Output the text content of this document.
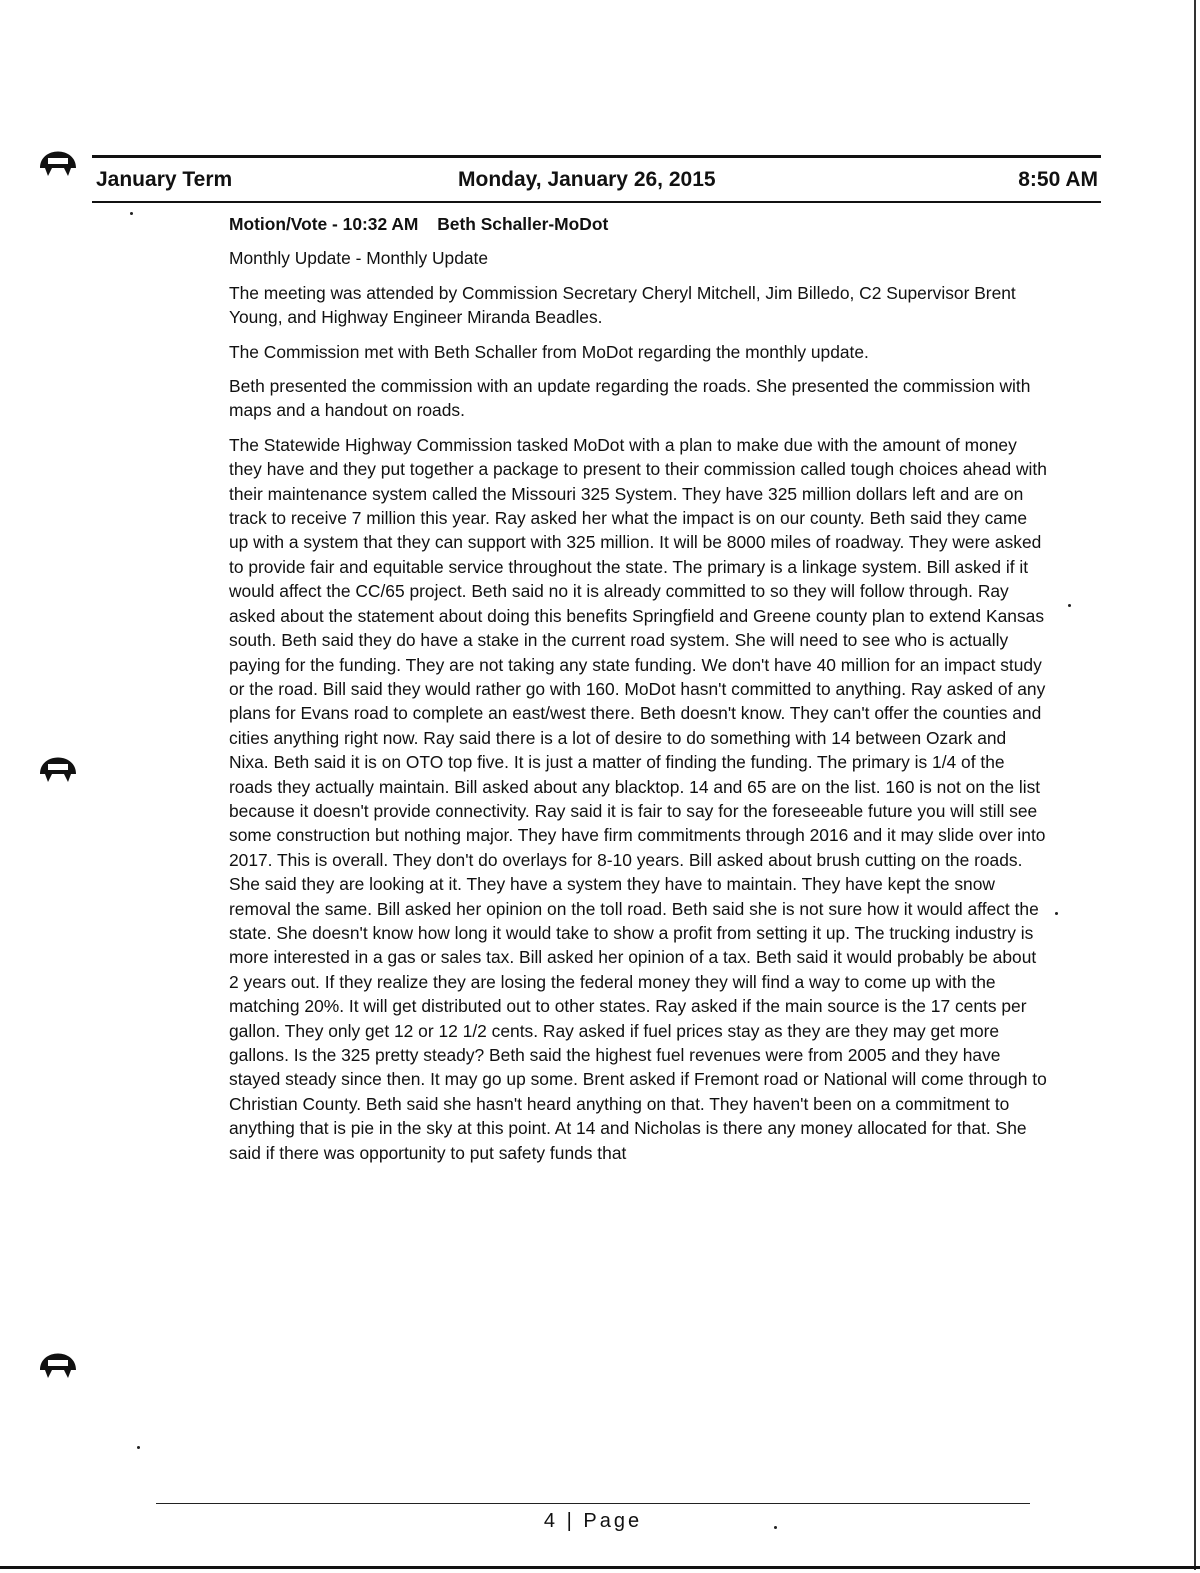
January Term	Monday, January 26, 2015	8:50 AM

Motion/Vote - 10:32 AM Beth Schaller-MoDot

Monthly Update - Monthly Update

The meeting was attended by Commission Secretary Cheryl Mitchell, Jim Billedo, C2 Supervisor Brent Young, and Highway Engineer Miranda Beadles.

The Commission met with Beth Schaller from MoDot regarding the monthly update.

Beth presented the commission with an update regarding the roads. She presented the commission with maps and a handout on roads.

The Statewide Highway Commission tasked MoDot with a plan to make due with the amount of money they have and they put together a package to present to their commission called tough choices ahead with their maintenance system called the Missouri 325 System. They have 325 million dollars left and are on track to receive 7 million this year. Ray asked her what the impact is on our county. Beth said they came up with a system that they can support with 325 million. It will be 8000 miles of roadway. They were asked to provide fair and equitable service throughout the state. The primary is a linkage system. Bill asked if it would affect the CC/65 project. Beth said no it is already committed to so they will follow through. Ray asked about the statement about doing this benefits Springfield and Greene county plan to extend Kansas south. Beth said they do have a stake in the current road system. She will need to see who is actually paying for the funding. They are not taking any state funding. We don't have 40 million for an impact study or the road. Bill said they would rather go with 160. MoDot hasn't committed to anything. Ray asked of any plans for Evans road to complete an east/west there. Beth doesn't know. They can't offer the counties and cities anything right now. Ray said there is a lot of desire to do something with 14 between Ozark and Nixa. Beth said it is on OTO top five. It is just a matter of finding the funding. The primary is 1/4 of the roads they actually maintain. Bill asked about any blacktop. 14 and 65 are on the list. 160 is not on the list because it doesn't provide connectivity. Ray said it is fair to say for the foreseeable future you will still see some construction but nothing major. They have firm commitments through 2016 and it may slide over into 2017. This is overall. They don't do overlays for 8-10 years. Bill asked about brush cutting on the roads. She said they are looking at it. They have a system they have to maintain. They have kept the snow removal the same. Bill asked her opinion on the toll road. Beth said she is not sure how it would affect the state. She doesn't know how long it would take to show a profit from setting it up. The trucking industry is more interested in a gas or sales tax. Bill asked her opinion of a tax. Beth said it would probably be about 2 years out. If they realize they are losing the federal money they will find a way to come up with the matching 20%. It will get distributed out to other states. Ray asked if the main source is the 17 cents per gallon. They only get 12 or 12 1/2 cents. Ray asked if fuel prices stay as they are they may get more gallons. Is the 325 pretty steady? Beth said the highest fuel revenues were from 2005 and they have stayed steady since then. It may go up some. Brent asked if Fremont road or National will come through to Christian County. Beth said she hasn't heard anything on that. They haven't been on a commitment to anything that is pie in the sky at this point. At 14 and Nicholas is there any money allocated for that. She said if there was opportunity to put safety funds that

4 | Page
